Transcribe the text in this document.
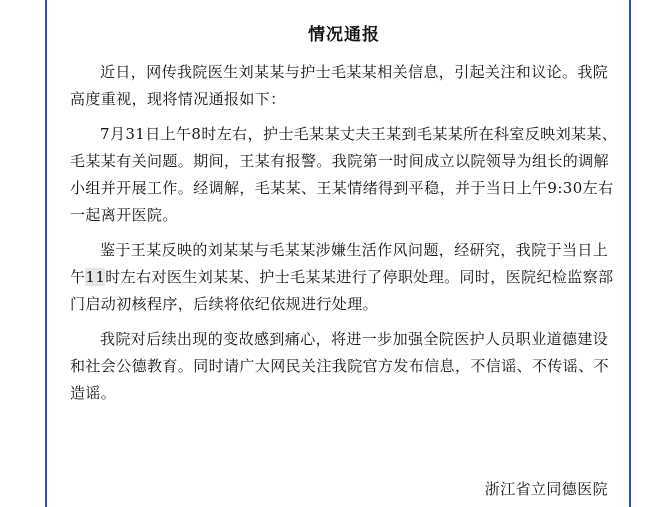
情况通报

近日，网传我院医生刘某某与护士毛某某相关信息，引起关注和议论。我院高度重视，现将情况通报如下：

7月31日上午8时左右，护士毛某某丈夫王某到毛某某所在科室反映刘某某、毛某某有关问题。期间，王某有报警。我院第一时间成立以院领导为组长的调解小组并开展工作。经调解，毛某某、王某情绪得到平稳，并于当日上午9:30左右一起离开医院。

鉴于王某反映的刘某某与毛某某涉嫌生活作风问题，经研究，我院于当日上午11时左右对医生刘某某、护士毛某某进行了停职处理。同时，医院纪检监察部门启动初核程序，后续将依纪依规进行处理。

我院对后续出现的变故感到痛心，将进一步加强全院医护人员职业道德建设和社会公德教育。同时请广大网民关注我院官方发布信息，不信谣、不传谣、不造谣。

浙江省立同德医院
